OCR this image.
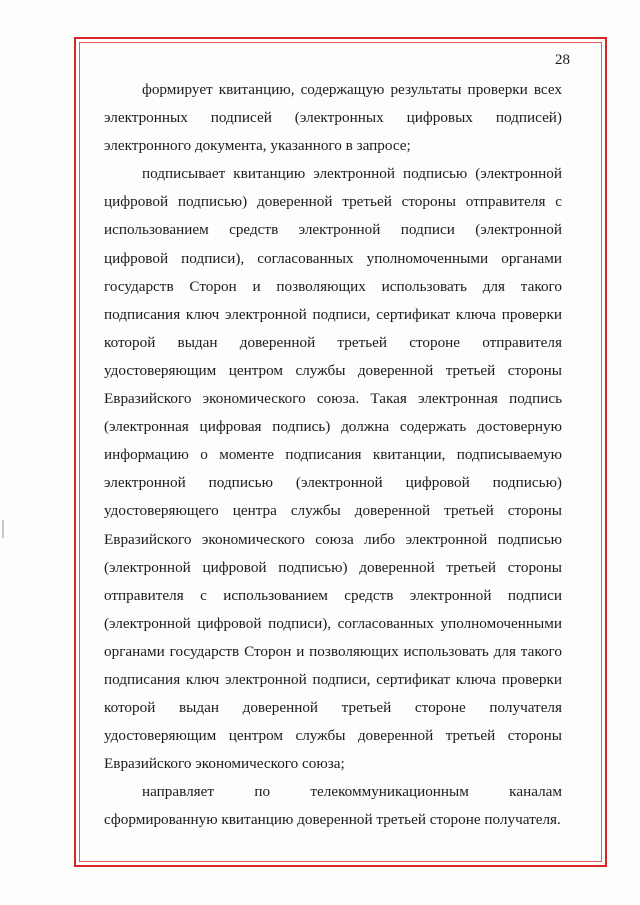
28

формирует квитанцию, содержащую результаты проверки всех электронных подписей (электронных цифровых подписей) электронного документа, указанного в запросе;

подписывает квитанцию электронной подписью (электронной цифровой подписью) доверенной третьей стороны отправителя с использованием средств электронной подписи (электронной цифровой подписи), согласованных уполномоченными органами государств Сторон и позволяющих использовать для такого подписания ключ электронной подписи, сертификат ключа проверки которой выдан доверенной третьей стороне отправителя удостоверяющим центром службы доверенной третьей стороны Евразийского экономического союза. Такая электронная подпись (электронная цифровая подпись) должна содержать достоверную информацию о моменте подписания квитанции, подписываемую электронной подписью (электронной цифровой подписью) удостоверяющего центра службы доверенной третьей стороны Евразийского экономического союза либо электронной подписью (электронной цифровой подписью) доверенной третьей стороны отправителя с использованием средств электронной подписи (электронной цифровой подписи), согласованных уполномоченными органами государств Сторон и позволяющих использовать для такого подписания ключ электронной подписи, сертификат ключа проверки которой выдан доверенной третьей стороне получателя удостоверяющим центром службы доверенной третьей стороны Евразийского экономического союза;

направляет по телекоммуникационным каналам сформированную квитанцию доверенной третьей стороне получателя.
